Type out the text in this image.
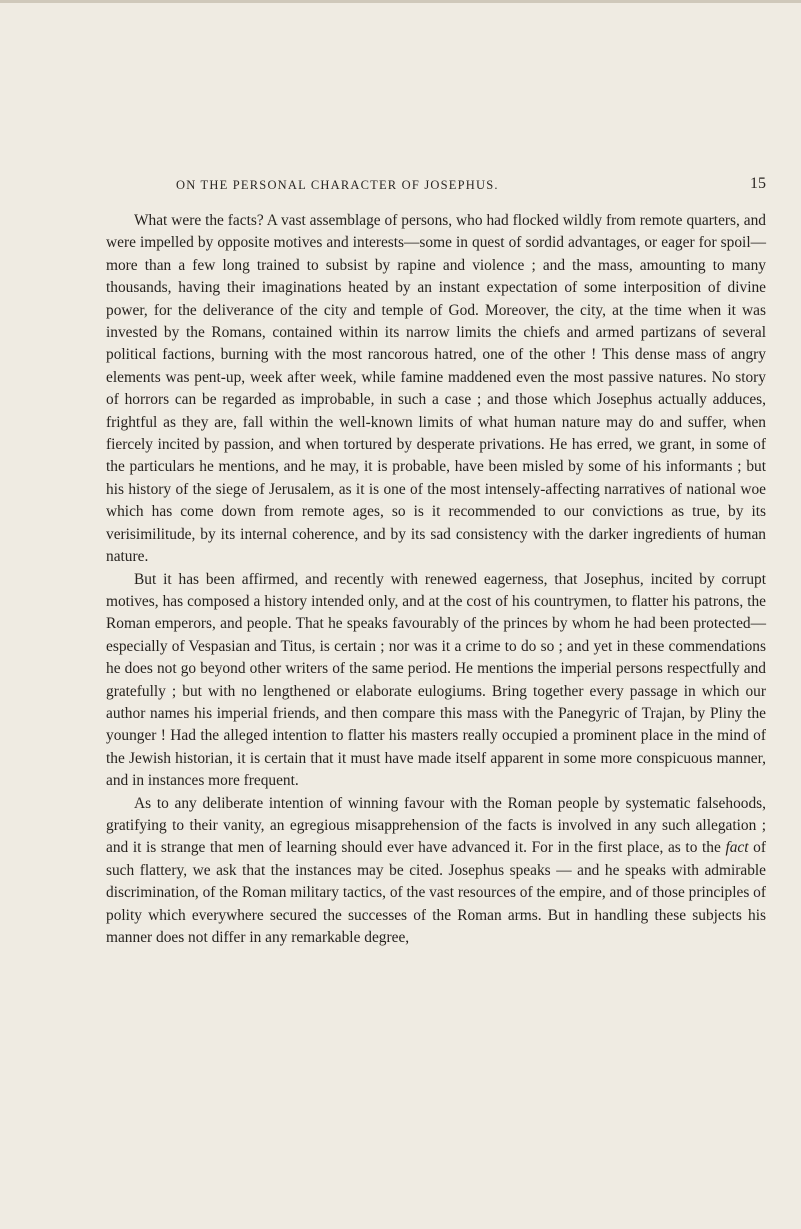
ON THE PERSONAL CHARACTER OF JOSEPHUS.	15

What were the facts? A vast assemblage of persons, who had flocked wildly from remote quarters, and were impelled by opposite motives and interests—some in quest of sordid advantages, or eager for spoil—more than a few long trained to subsist by rapine and violence ; and the mass, amounting to many thousands, having their imaginations heated by an instant expectation of some interposition of divine power, for the deliverance of the city and temple of God. Moreover, the city, at the time when it was invested by the Romans, contained within its narrow limits the chiefs and armed partizans of several political factions, burning with the most rancorous hatred, one of the other ! This dense mass of angry elements was pent-up, week after week, while famine maddened even the most passive natures. No story of horrors can be regarded as improbable, in such a case ; and those which Josephus actually adduces, frightful as they are, fall within the well-known limits of what human nature may do and suffer, when fiercely incited by passion, and when tortured by desperate privations. He has erred, we grant, in some of the particulars he mentions, and he may, it is probable, have been misled by some of his informants ; but his history of the siege of Jerusalem, as it is one of the most intensely-affecting narratives of national woe which has come down from remote ages, so is it recommended to our convictions as true, by its verisimilitude, by its internal coherence, and by its sad consistency with the darker ingredients of human nature.

But it has been affirmed, and recently with renewed eagerness, that Josephus, incited by corrupt motives, has composed a history intended only, and at the cost of his countrymen, to flatter his patrons, the Roman emperors, and people. That he speaks favourably of the princes by whom he had been protected—especially of Vespasian and Titus, is certain ; nor was it a crime to do so ; and yet in these commendations he does not go beyond other writers of the same period. He mentions the imperial persons respectfully and gratefully ; but with no lengthened or elaborate eulogiums. Bring together every passage in which our author names his imperial friends, and then compare this mass with the Panegyric of Trajan, by Pliny the younger ! Had the alleged intention to flatter his masters really occupied a prominent place in the mind of the Jewish historian, it is certain that it must have made itself apparent in some more conspicuous manner, and in instances more frequent.

As to any deliberate intention of winning favour with the Roman people by systematic falsehoods, gratifying to their vanity, an egregious misapprehension of the facts is involved in any such allegation ; and it is strange that men of learning should ever have advanced it. For in the first place, as to the fact of such flattery, we ask that the instances may be cited. Josephus speaks — and he speaks with admirable discrimination, of the Roman military tactics, of the vast resources of the empire, and of those principles of polity which everywhere secured the successes of the Roman arms. But in handling these subjects his manner does not differ in any remarkable degree,
